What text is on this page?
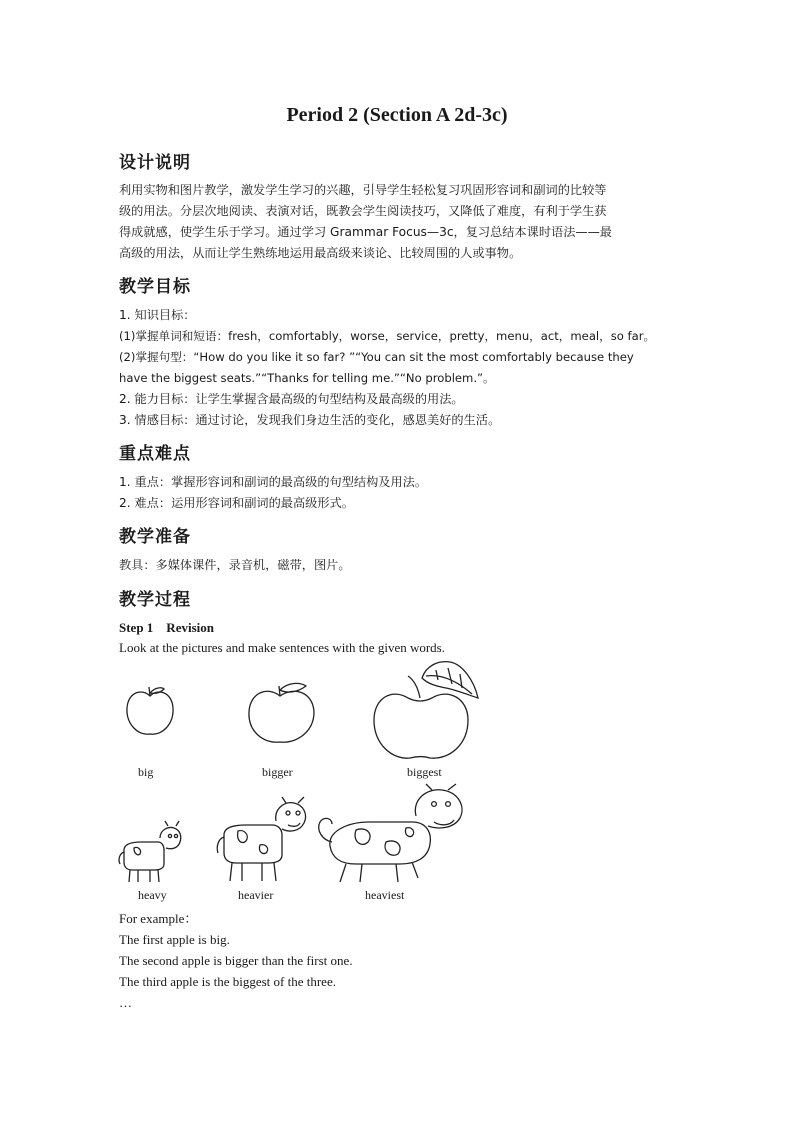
Period 2 (Section A 2d-3c)
设计说明
利用实物和图片教学，激发学生学习的兴趣，引导学生轻松复习巩固形容词和副词的比较等
级的用法。分层次地阅读、表演对话，既教会学生阅读技巧，又降低了难度，有利于学生获
得成就感，使学生乐于学习。通过学习 Grammar Focus—3c，复习总结本课时语法——最
高级的用法，从而让学生熟练地运用最高级来谈论、比较周围的人或事物。
教学目标
1. 知识目标：
(1)掌握单词和短语：fresh，comfortably，worse，service，pretty，menu，act，meal，so far。
(2)掌握句型：“How do you like it so far? ”“You can sit the most comfortably because they
have the biggest seats.”“Thanks for telling me.”“No problem.”。
2. 能力目标：让学生掌握含最高级的句型结构及最高级的用法。
3. 情感目标：通过讨论，发现我们身边生活的变化，感恩美好的生活。
重点难点
1. 重点：掌握形容词和副词的最高级的句型结构及用法。
2. 难点：运用形容词和副词的最高级形式。
教学准备
教具：多媒体课件，录音机，磁带，图片。
教学过程
Step 1    Revision
Look at the pictures and make sentences with the given words.
big	bigger	biggest
heavy	heavier	heaviest
For example：
The first apple is big.
The second apple is bigger than the first one.
The third apple is the biggest of the three.
…
